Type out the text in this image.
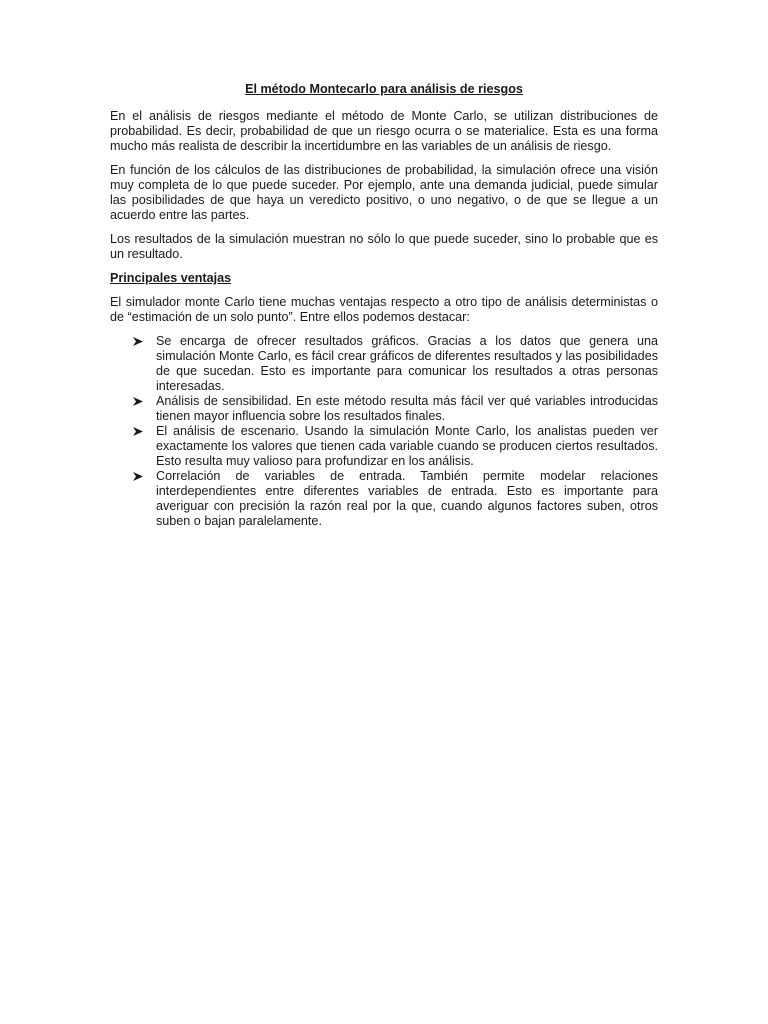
El método Montecarlo para análisis de riesgos

En el análisis de riesgos mediante el método de Monte Carlo, se utilizan distribuciones de probabilidad. Es decir, probabilidad de que un riesgo ocurra o se materialice. Esta es una forma mucho más realista de describir la incertidumbre en las variables de un análisis de riesgo.

En función de los cálculos de las distribuciones de probabilidad, la simulación ofrece una visión muy completa de lo que puede suceder. Por ejemplo, ante una demanda judicial, puede simular las posibilidades de que haya un veredicto positivo, o uno negativo, o de que se llegue a un acuerdo entre las partes.

Los resultados de la simulación muestran no sólo lo que puede suceder, sino lo probable que es un resultado.

Principales ventajas

El simulador monte Carlo tiene muchas ventajas respecto a otro tipo de análisis deterministas o de “estimación de un solo punto”. Entre ellos podemos destacar:

Se encarga de ofrecer resultados gráficos. Gracias a los datos que genera una simulación Monte Carlo, es fácil crear gráficos de diferentes resultados y las posibilidades de que sucedan. Esto es importante para comunicar los resultados a otras personas interesadas.
Análisis de sensibilidad. En este método resulta más fácil ver qué variables introducidas tienen mayor influencia sobre los resultados finales.
El análisis de escenario. Usando la simulación Monte Carlo, los analistas pueden ver exactamente los valores que tienen cada variable cuando se producen ciertos resultados. Esto resulta muy valioso para profundizar en los análisis.
Correlación de variables de entrada. También permite modelar relaciones interdependientes entre diferentes variables de entrada. Esto es importante para averiguar con precisión la razón real por la que, cuando algunos factores suben, otros suben o bajan paralelamente.
